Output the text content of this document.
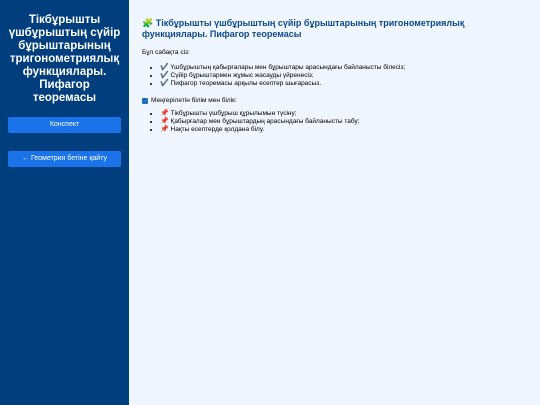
Тікбұрышты үшбұрыштың сүйір бұрыштарының тригонометриялық функциялары. Пифагор теоремасы
Конспект
← Геометрия бетіне қайту
🧩 Тікбұрышты үшбұрыштың сүйір бұрыштарының тригонометриялық функциялары. Пифагор теоремасы

Бұл сабақта сіз:

• ✔️ Үшбұрыштың қабырғалары мен бұрыштары арасындағы байланысты білесіз;
• ✔️ Сүйір бұрыштармен жұмыс жасауды үйренесіз;
• ✔️ Пифагор теоремасы арқылы есептер шығарасыз.
Меңгерілетін білім мен білік:
• 📌 Тікбұрышты үшбұрыш құрылымын түсіну;
• 📌 Қабырғалар мен бұрыштардың арасындағы байланысты табу;
• 📌 Нақты есептерде қолдана білу.
